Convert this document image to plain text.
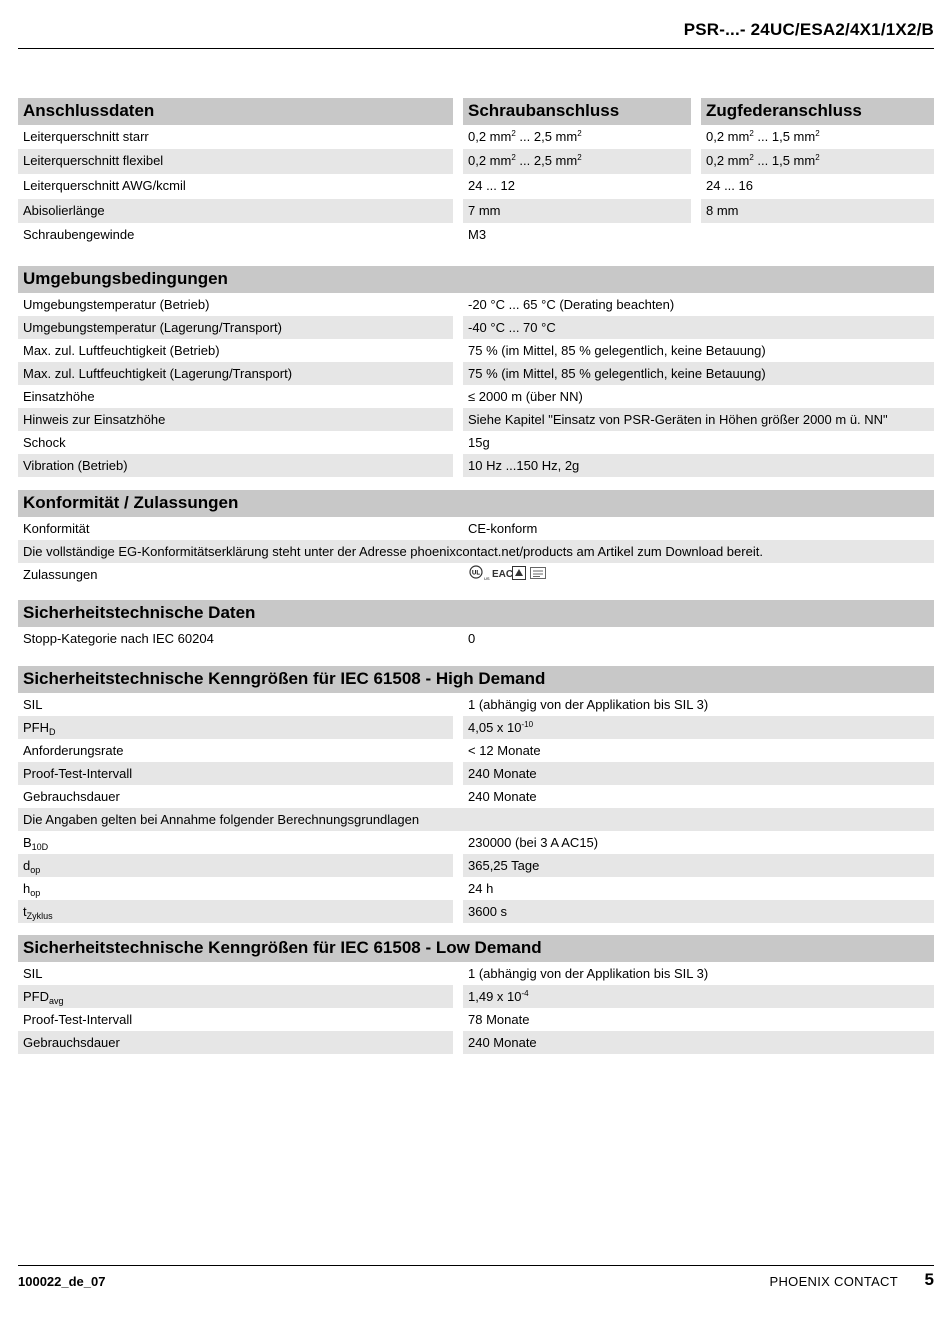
PSR-...- 24UC/ESA2/4X1/1X2/B
Anschlussdaten	Schraubanschluss	Zugfederanschluss
Leiterquerschnitt starr	0,2 $mm^2$ ... 2,5 $mm^2$	0,2 $mm^2$ ... 1,5 $mm^2$
Leiterquerschnitt flexibel	0,2 $mm^2$ ... 2,5 $mm^2$	0,2 $mm^2$ ... 1,5 $mm^2$
Leiterquerschnitt AWG/kcmil	24 ... 12	24 ... 16
Abisolierlänge	7 mm	8 mm
Schraubengewinde	M3
Umgebungsbedingungen
Umgebungstemperatur (Betrieb)	-20 °C ... 65 °C (Derating beachten)
Umgebungstemperatur (Lagerung/Transport)	-40 °C ... 70 °C
Max. zul. Luftfeuchtigkeit (Betrieb)	75 % (im Mittel, 85 % gelegentlich, keine Betauung)
Max. zul. Luftfeuchtigkeit (Lagerung/Transport)	75 % (im Mittel, 85 % gelegentlich, keine Betauung)
Einsatzhöhe	≤ 2000 m (über NN)
Hinweis zur Einsatzhöhe	Siehe Kapitel "Einsatz von PSR-Geräten in Höhen größer 2000 m ü. NN"
Schock	15g
Vibration (Betrieb)	10 Hz ...150 Hz, 2g
Konformität / Zulassungen
Konformität	CE-konform
Die vollständige EG-Konformitätserklärung steht unter der Adresse phoenixcontact.net/products am Artikel zum Download bereit.
Zulassungen	UL
US EAC
Sicherheitstechnische Daten
Stopp-Kategorie nach IEC 60204	0
Sicherheitstechnische Kenngrößen für IEC 61508 - High Demand
SIL	1 (abhängig von der Applikation bis SIL 3)
$PFH_D$	4,05 x $10^{-10}$
Anforderungsrate	< 12 Monate
Proof-Test-Intervall	240 Monate
Gebrauchsdauer	240 Monate
Die Angaben gelten bei Annahme folgender Berechnungsgrundlagen
$B_{10D}$	230000 (bei 3 A AC15)
$d_{op}$	365,25 Tage
$h_{op}$	24 h
$t_{Zyklus}$	3600 s
Sicherheitstechnische Kenngrößen für IEC 61508 - Low Demand
SIL	1 (abhängig von der Applikation bis SIL 3)
$PFD_{avg}$	1,49 x $10^{-4}$
Proof-Test-Intervall	78 Monate
Gebrauchsdauer	240 Monate
100022_de_07	PHOENIX CONTACT 5
